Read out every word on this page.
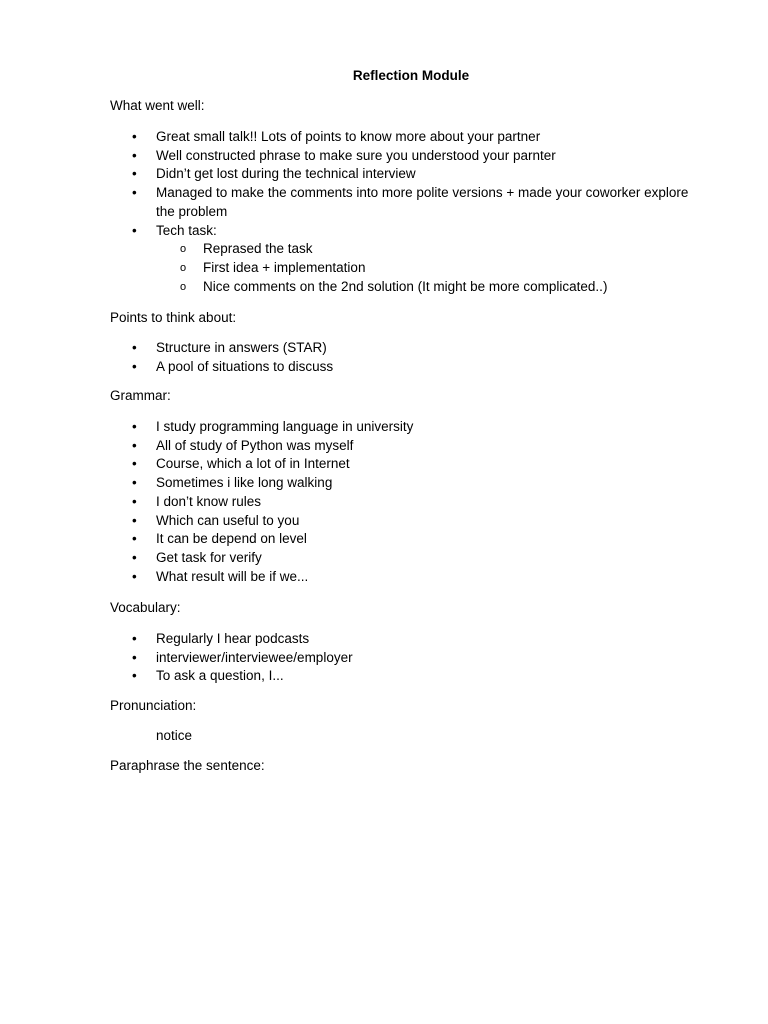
Reflection Module
What went well:
• Great small talk!! Lots of points to know more about your partner
• Well constructed phrase to make sure you understood your parnter
• Didn’t get lost during the technical interview
• Managed to make the comments into more polite versions + made your coworker explore the problem
• Tech task:
o Reprased the task
o First idea + implementation
o Nice comments on the 2nd solution (It might be more complicated..)
Points to think about:
• Structure in answers (STAR)
• A pool of situations to discuss
Grammar:
• I study programming language in university
• All of study of Python was myself
• Course, which a lot of in Internet
• Sometimes i like long walking
• I don’t know rules
• Which can useful to you
• It can be depend on level
• Get task for verify
• What result will be if we...
Vocabulary:
• Regularly I hear podcasts
• interviewer/interviewee/employer
• To ask a question, I...
Pronunciation:
notice
Paraphrase the sentence:
